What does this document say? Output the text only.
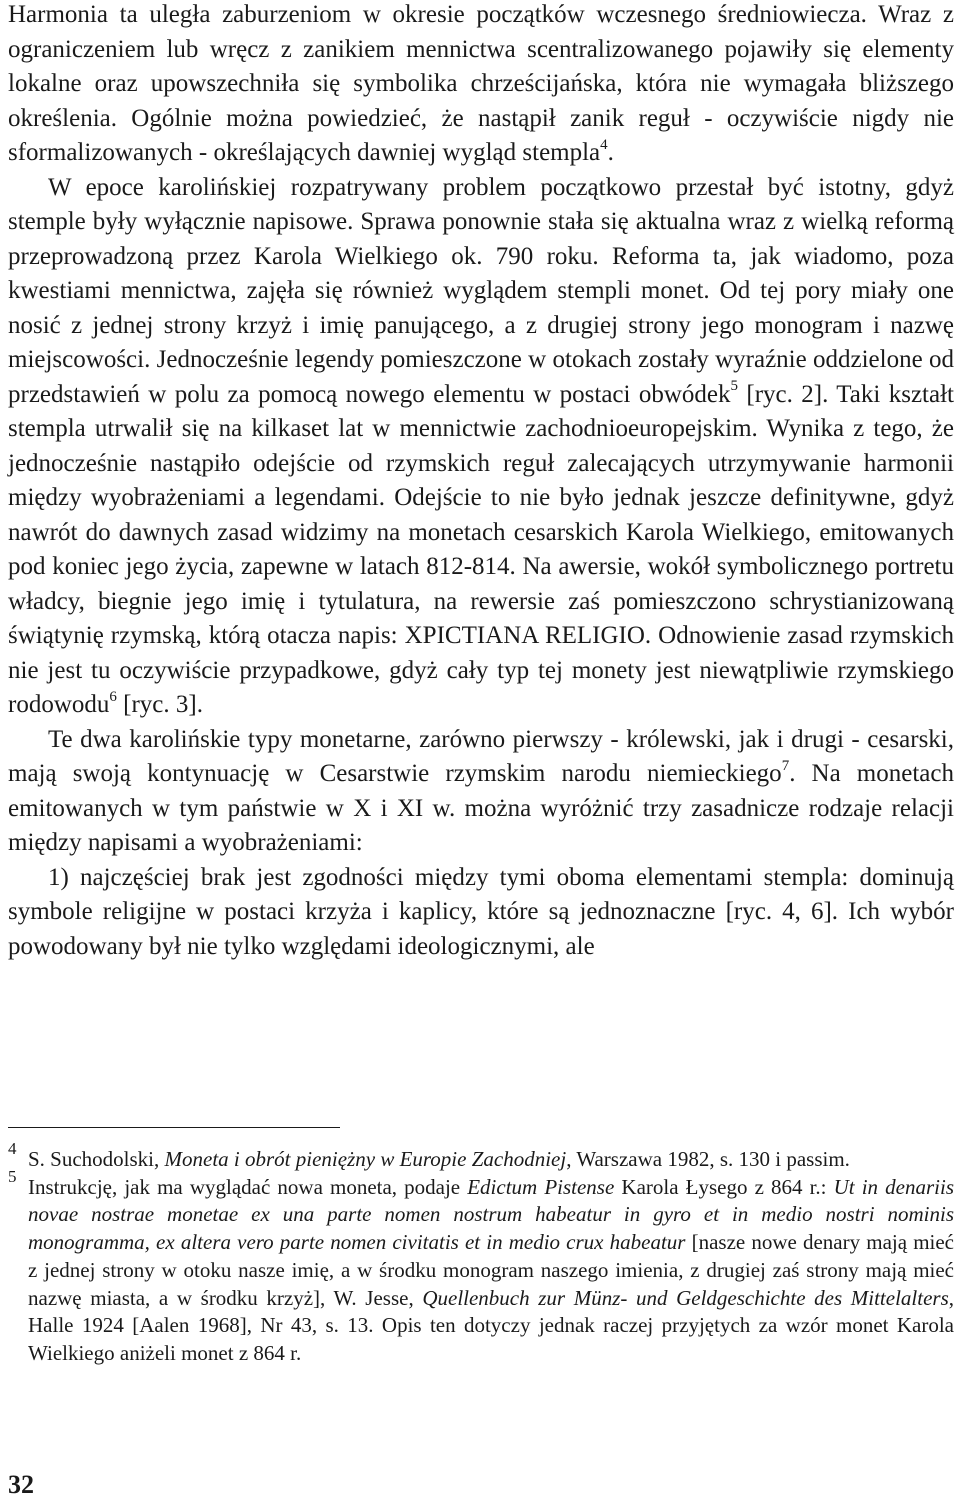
Harmonia ta uległa zaburzeniom w okresie początków wczesnego średniowiecza. Wraz z ograniczeniem lub wręcz z zanikiem mennictwa scentralizowanego pojawiły się elementy lokalne oraz upowszechniła się symbolika chrześcijańska, która nie wymagała bliższego określenia. Ogólnie można powiedzieć, że nastąpił zanik reguł - oczywiście nigdy nie sformalizowanych - określających dawniej wygląd stempla$^4$.

W epoce karolińskiej rozpatrywany problem początkowo przestał być istotny, gdyż stemple były wyłącznie napisowe. Sprawa ponownie stała się aktualna wraz z wielką reformą przeprowadzoną przez Karola Wielkiego ok. 790 roku. Reforma ta, jak wiadomo, poza kwestiami mennictwa, zajęła się również wyglądem stempli monet. Od tej pory miały one nosić z jednej strony krzyż i imię panującego, a z drugiej strony jego monogram i nazwę miejscowości. Jednocześnie legendy pomieszczone w otokach zostały wyraźnie oddzielone od przedstawień w polu za pomocą nowego elementu w postaci obwódek$^5$ [ryc. 2]. Taki kształt stempla utrwalił się na kilkaset lat w mennictwie zachodnioeuropejskim. Wynika z tego, że jednocześnie nastąpiło odejście od rzymskich reguł zalecających utrzymywanie harmonii między wyobrażeniami a legendami. Odejście to nie było jednak jeszcze definitywne, gdyż nawrót do dawnych zasad widzimy na monetach cesarskich Karola Wielkiego, emitowanych pod koniec jego życia, zapewne w latach 812-814. Na awersie, wokół symbolicznego portretu władcy, biegnie jego imię i tytulatura, na rewersie zaś pomieszczono schrystianizowaną świątynię rzymską, którą otacza napis: XPICTIANA RELIGIO. Odnowienie zasad rzymskich nie jest tu oczywiście przypadkowe, gdyż cały typ tej monety jest niewątpliwie rzymskiego rodowodu$^6$ [ryc. 3].

Te dwa karolińskie typy monetarne, zarówno pierwszy - królewski, jak i drugi - cesarski, mają swoją kontynuację w Cesarstwie rzymskim narodu niemieckiego$^7$. Na monetach emitowanych w tym państwie w X i XI w. można wyróżnić trzy zasadnicze rodzaje relacji między napisami a wyobrażeniami:

1) najczęściej brak jest zgodności między tymi oboma elementami stempla: dominują symbole religijne w postaci krzyża i kaplicy, które są jednoznaczne [ryc. 4, 6]. Ich wybór powodowany był nie tylko względami ideologicznymi, ale

4 S. Suchodolski, Moneta i obrót pieniężny w Europie Zachodniej, Warszawa 1982, s. 130 i passim.

5 Instrukcję, jak ma wyglądać nowa moneta, podaje Edictum Pistense Karola Łysego z 864 r.: Ut in denariis novae nostrae monetae ex una parte nomen nostrum habeatur in gyro et in medio nostri nominis monogramma, ex altera vero parte nomen civitatis et in medio crux habeatur [nasze nowe denary mają mieć z jednej strony w otoku nasze imię, a w środku monogram naszego imienia, z drugiej zaś strony mają mieć nazwę miasta, a w środku krzyż], W. Jesse, Quellenbuch zur Münz- und Geldgeschichte des Mittelalters, Halle 1924 [Aalen 1968], Nr 43, s. 13. Opis ten dotyczy jednak raczej przyjętych za wzór monet Karola Wielkiego aniżeli monet z 864 r.

32
